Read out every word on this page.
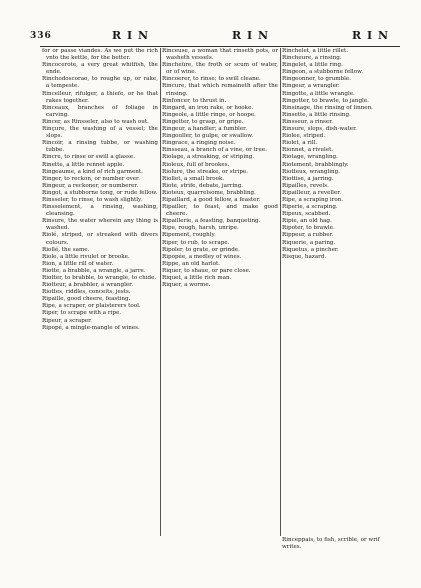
336	R I N	R I N	R I N

for or passe viandes. As we put the rich vnto the kettle, for the better.

Rincocerote, a very great whitfish, the ende.

Rinchodoscorao, to roughe up, or rake, a tempeste.

Rincelleur, rifulger, a thiefe, or he that rakes together.

Rinceaux, branches of foliage in carving.

Rincer, as Rinsseler, also to wash out.

Rinçure, the washing of a vessel; the slops.

Rincoir, a rinsing tubbe, or washing tubbe.

Rincre, to rinse or swill a glasse.

Rinette, a little rennet apple.

Ringeaume, a kind of rich garment.

Ringer, to reckon, or number over.

Ringeur, a reckoner, or numberer.

Ringot, a stubborne tong, or rude fellow.

Rinsseler, to rinse, to wash slightly.

Rinsselement, a rinsing, washing, cleansing.

Rinsure, the water wherein any thing is washed.

Riolé, striped, or streaked with divers colours.

Riollé, the same.

Riole, a little rivulet or brooke.

Rion, a little rill of water.

Riotte, a brabble, a wrangle, a jarre.

Riotter, to brabble, to wrangle, to chide.

Riotteur, a brabbler, a wrangler.

Riottes, riddles, conceits, jests.

Ripaille, good cheere, feasting.

Ripe, a scraper, or plaisterers tool.

Riper, to scrape with a ripe.

Ripeur, a scraper.

Ripopé, a mingle-mangle of wines.

Rinceuse, a woman that rinseth pots, or washeth vessels.

Rincheüre, the froth or scum of water, or of wine.

Rincoerer, to rinse; to swill cleane.

Rincure, that which remaineth after the rinsing.

Rinfoncer, to thrust in.

Ringard, an iron rake, or hooke.

Ringeole, a little ringe, or hoope.

Ringetter, to grasp, or gripe.

Ringeur, a handler; a fumbler.

Ringouller, to gulpe, or swallow.

Ringrace, a ringing noise.

Rinsseau, a branch of a vine, or tree.

Riolage, a streaking, or striping.

Rioleux, full of brookes.

Riolure, the streake, or stripe.

Riollet, a small brook.

Riote, strife, debate, jarring.

Rioteux, quarrelsome, brabbling.

Ripaillard, a good fellow, a feaster.

Ripailler, to feast, and make good cheere.

Ripaillerie, a feasting, banqueting.

Ripe, rough, harsh, unripe.

Ripement, roughly.

Riper, to rub, to scrape.

Ripoler, to grate, or grinde.

Ripopée, a medley of wines.

Rippe, an old harlot.

Riquer, to shaue, or pare close.

Riquet, a little rich man.

Riquer, a worme.

Rinchelet, a little rillet.

Rincheure, a rinsing.

Ringelet, a little ring.

Ringeon, a stubborne fellow.

Ringeonner, to grumble.

Ringeur, a wrangler.

Ringotte, a little wrangle.

Ringotter, to brawle, to jangle.

Rinsinage, the rinsing of linnen.

Rinsette, a little rinsing.

Rinsseur, a rinser.

Rinsure, slops, dish-water.

Riolee, striped.

Riolet, a rill.

Rionnet, a rivulet.

Riotage, wrangling.

Riotement, brabblingly.

Riotteux, wrangling.

Riottise, a jarring.

Ripailles, revels.

Ripailleur, a reveller.

Ripe, a scraping iron.

Riperie, a scraping.

Ripeux, scabbed.

Ripie, an old hag.

Ripoter, to brawle.

Rippeur, a rubber.

Riquerie, a paring.

Riquetus, a pincher.

Risque, hazard.

Rinceppais, to fish, scrible, or wrif writes.
